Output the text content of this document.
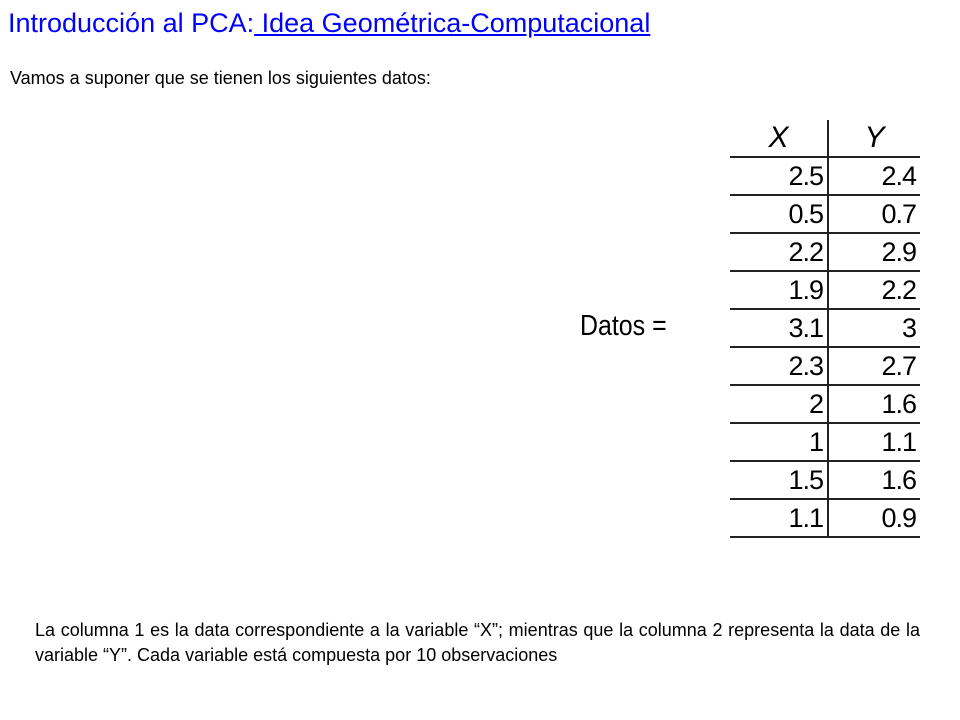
Introducción al PCA: Idea Geométrica-Computacional
Vamos a suponer que se tienen los siguientes datos:
Datos =
X	Y
2.5	2.4
0.5	0.7
2.2	2.9
1.9	2.2
3.1	3
2.3	2.7
2	1.6
1	1.1
1.5	1.6
1.1	0.9
La columna 1 es la data correspondiente a la variable “X”; mientras que la columna 2 representa la data de la variable “Y”. Cada variable está compuesta por 10 observaciones
